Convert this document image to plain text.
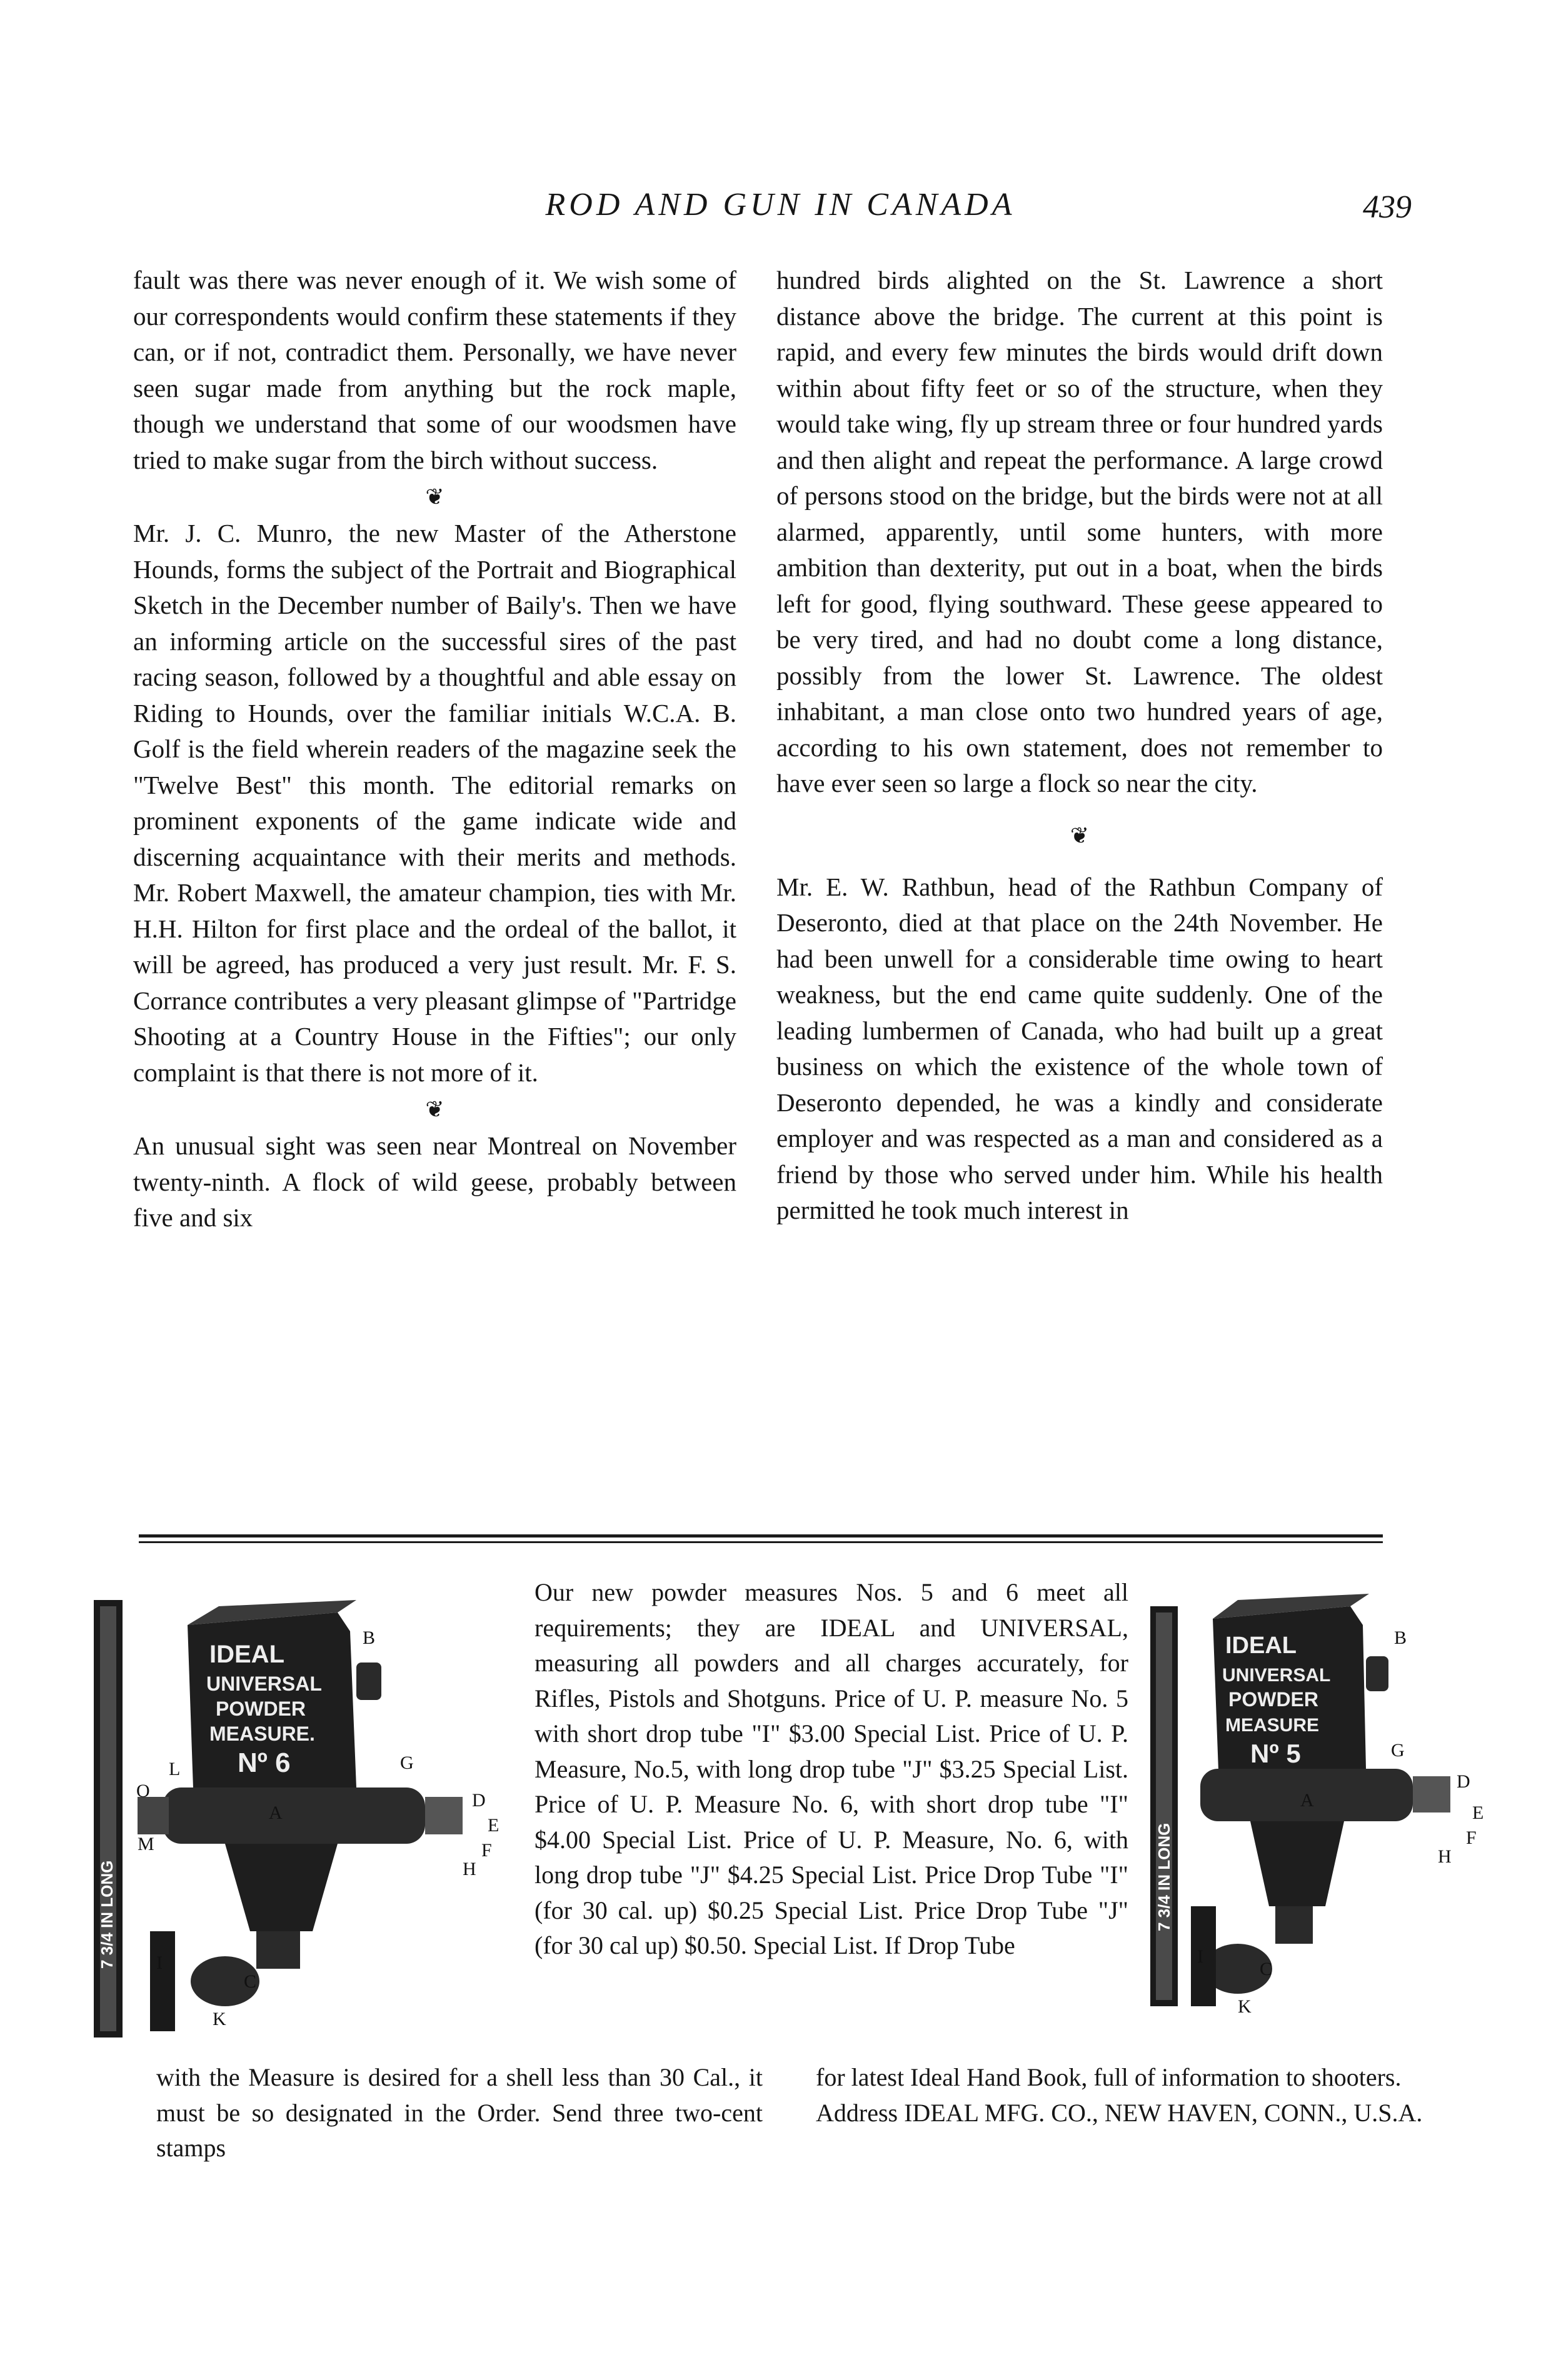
ROD AND GUN IN CANADA	439

fault was there was never enough of it. We wish some of our correspondents would confirm these statements if they can, or if not, contradict them. Personally, we have never seen sugar made from anything but the rock maple, though we understand that some of our woodsmen have tried to make sugar from the birch without success.

❦

Mr. J. C. Munro, the new Master of the Atherstone Hounds, forms the subject of the Portrait and Biographical Sketch in the December number of Baily's. Then we have an informing article on the successful sires of the past racing season, followed by a thoughtful and able essay on Riding to Hounds, over the familiar initials W.C.A. B. Golf is the field wherein readers of the magazine seek the "Twelve Best" this month. The editorial remarks on prominent exponents of the game indicate wide and discerning acquaintance with their merits and methods. Mr. Robert Maxwell, the amateur champion, ties with Mr. H.H. Hilton for first place and the ordeal of the ballot, it will be agreed, has produced a very just result. Mr. F. S. Corrance contributes a very pleasant glimpse of "Partridge Shooting at a Country House in the Fifties"; our only complaint is that there is not more of it.

❦

An unusual sight was seen near Montreal on November twenty-ninth. A flock of wild geese, probably between five and six

hundred birds alighted on the St. Lawrence a short distance above the bridge. The current at this point is rapid, and every few minutes the birds would drift down within about fifty feet or so of the structure, when they would take wing, fly up stream three or four hundred yards and then alight and repeat the performance. A large crowd of persons stood on the bridge, but the birds were not at all alarmed, apparently, until some hunters, with more ambition than dexterity, put out in a boat, when the birds left for good, flying southward. These geese appeared to be very tired, and had no doubt come a long distance, possibly from the lower St. Lawrence. The oldest inhabitant, a man close onto two hundred years of age, according to his own statement, does not remember to have ever seen so large a flock so near the city.

❦

Mr. E. W. Rathbun, head of the Rathbun Company of Deseronto, died at that place on the 24th November. He had been unwell for a considerable time owing to heart weakness, but the end came quite suddenly. One of the leading lumbermen of Canada, who had built up a great business on which the existence of the whole town of Deseronto depended, he was a kindly and considerate employer and was respected as a man and considered as a friend by those who served under him. While his health permitted he took much interest in

7 3/4 IN LONG
IDEAL
UNIVERSAL
POWDER
MEASURE.
Nº 6
B
L	G
O	D
A
E
M	F
H
I
C
K
Our new powder measures Nos. 5 and 6 meet all requirements; they are IDEAL and UNIVERSAL, measuring all powders and all charges accurately, for Rifles, Pistols and Shotguns. Price of U. P. measure No. 5 with short drop tube "I" $3.00 Special List. Price of U. P. Measure, No.5, with long drop tube "J" $3.25 Special List. Price of U. P. Measure No. 6, with short drop tube "I" $4.00 Special List. Price of U. P. Measure, No. 6, with long drop tube "J" $4.25 Special List. Price Drop Tube "I" (for 30 cal. up) $0.25 Special List. Price Drop Tube "J" (for 30 cal up) $0.50. Special List. If Drop Tube
7 3/4 IN LONG
IDEAL
UNIVERSAL
POWDER
MEASURE
Nº 5
B
G
D
A
E
F
H
I
C
K
with the Measure is desired for a shell less than 30 Cal., it must be so designated in the Order. Send three two-cent stamps
for latest Ideal Hand Book, full of information to shooters. Address IDEAL MFG. CO., NEW HAVEN, CONN., U.S.A.
